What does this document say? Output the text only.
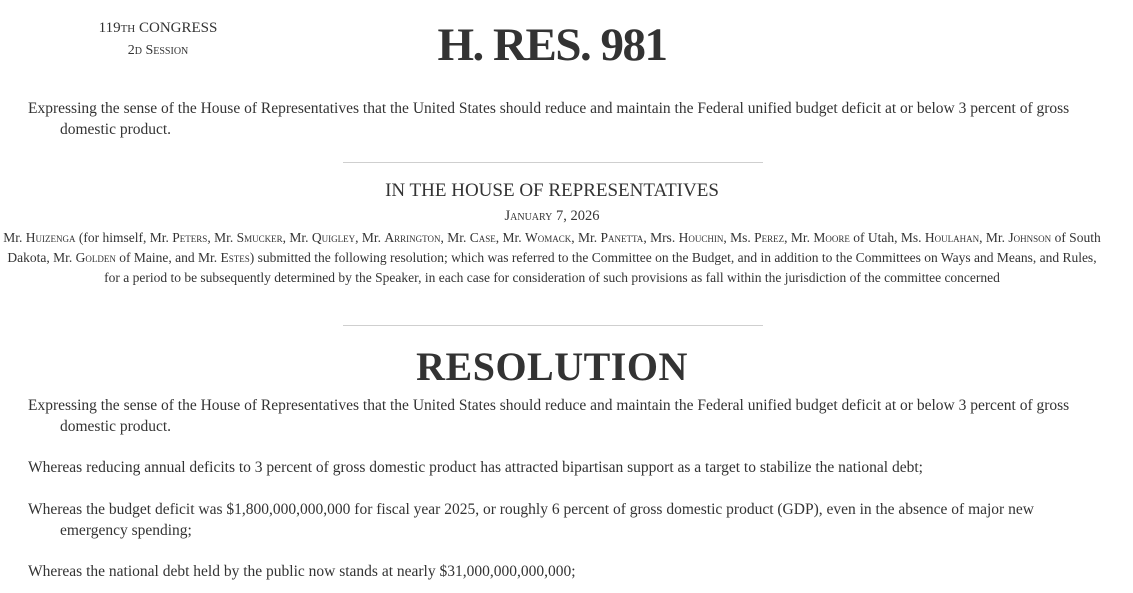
119TH CONGRESS
2d Session	H. RES. 981
Expressing the sense of the House of Representatives that the United States should reduce and maintain the Federal unified budget deficit at or below 3 percent of gross domestic product.
IN THE HOUSE OF REPRESENTATIVES
January 7, 2026
Mr. Huizenga (for himself, Mr. Peters, Mr. Smucker, Mr. Quigley, Mr. Arrington, Mr. Case, Mr. Womack, Mr. Panetta, Mrs. Houchin, Ms. Perez, Mr. Moore of Utah, Ms. Houlahan, Mr. Johnson of South Dakota, Mr. Golden of Maine, and Mr. Estes) submitted the following resolution; which was referred to the Committee on the Budget, and in addition to the Committees on Ways and Means, and Rules, for a period to be subsequently determined by the Speaker, in each case for consideration of such provisions as fall within the jurisdiction of the committee concerned
RESOLUTION
Expressing the sense of the House of Representatives that the United States should reduce and maintain the Federal unified budget deficit at or below 3 percent of gross domestic product.
Whereas reducing annual deficits to 3 percent of gross domestic product has attracted bipartisan support as a target to stabilize the national debt;
Whereas the budget deficit was $1,800,000,000,000 for fiscal year 2025, or roughly 6 percent of gross domestic product (GDP), even in the absence of major new emergency spending;
Whereas the national debt held by the public now stands at nearly $31,000,000,000,000;
